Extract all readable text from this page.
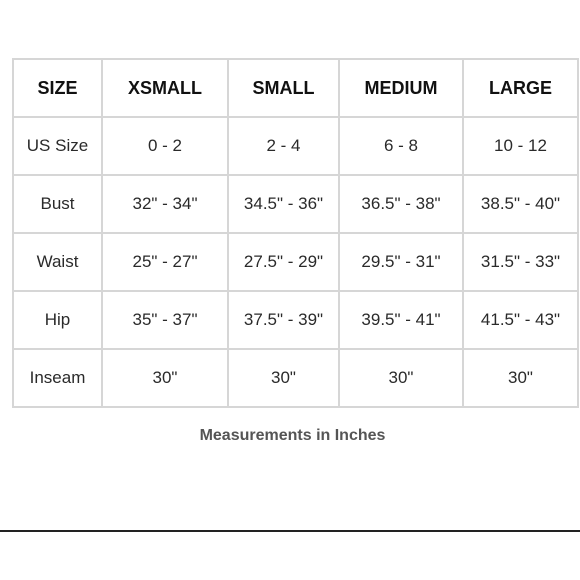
SIZE	XSMALL	SMALL	MEDIUM	LARGE
US Size	0 - 2	2 - 4	6 - 8	10 - 12
Bust	32" - 34"	34.5" - 36"	36.5" - 38"	38.5" - 40"
Waist	25" - 27"	27.5" - 29"	29.5" - 31"	31.5" - 33"
Hip	35" - 37"	37.5" - 39"	39.5" - 41"	41.5" - 43"
Inseam	30"	30"	30"	30"
Measurements in Inches
